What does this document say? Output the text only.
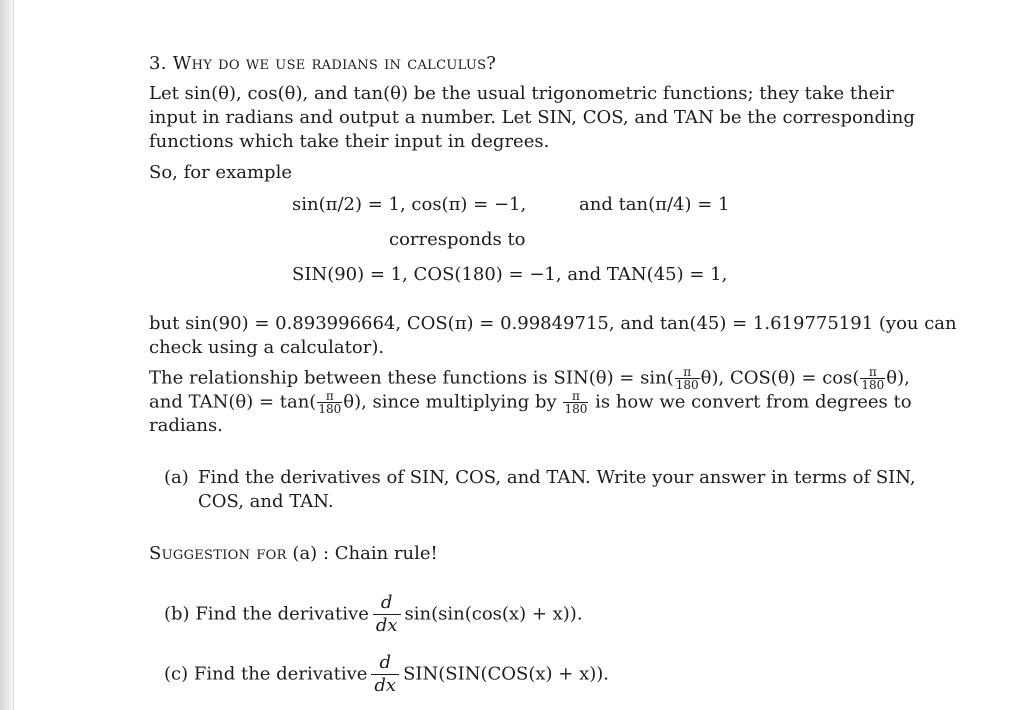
3. Why do we use radians in calculus?
Let sin(θ), cos(θ), and tan(θ) be the usual trigonometric functions; they take their
input in radians and output a number. Let SIN, COS, and TAN be the corresponding
functions which take their input in degrees.
So, for example
sin(π/2) = 1, cos(π) = −1,	and tan(π/4) = 1
corresponds to
SIN(90) = 1, COS(180) = −1, and TAN(45) = 1,
but sin(90) = 0.893996664, COS(π) = 0.99849715, and tan(45) = 1.619775191 (you can
check using a calculator).
The relationship between these functions is $SIN(\theta) = \sin( \frac{\pi}{180} \theta)$, $COS(\theta) = \cos( \frac{\pi}{180} \theta)$,
and $TAN(\theta) = \tan( \frac{\pi}{180} \theta)$, since multiplying by $\frac{\pi}{180}$ is how we convert from degrees to
radians.
(a) Find the derivatives of SIN, COS, and TAN. Write your answer in terms of SIN,
COS, and TAN.
Suggestion for (a) : Chain rule!
(b) Find the derivative $\frac{d}{dx} \sin(\sin(\cos(x) + x))$.
(c) Find the derivative $\frac{d}{dx} SIN(SIN(COS(x) + x))$.
